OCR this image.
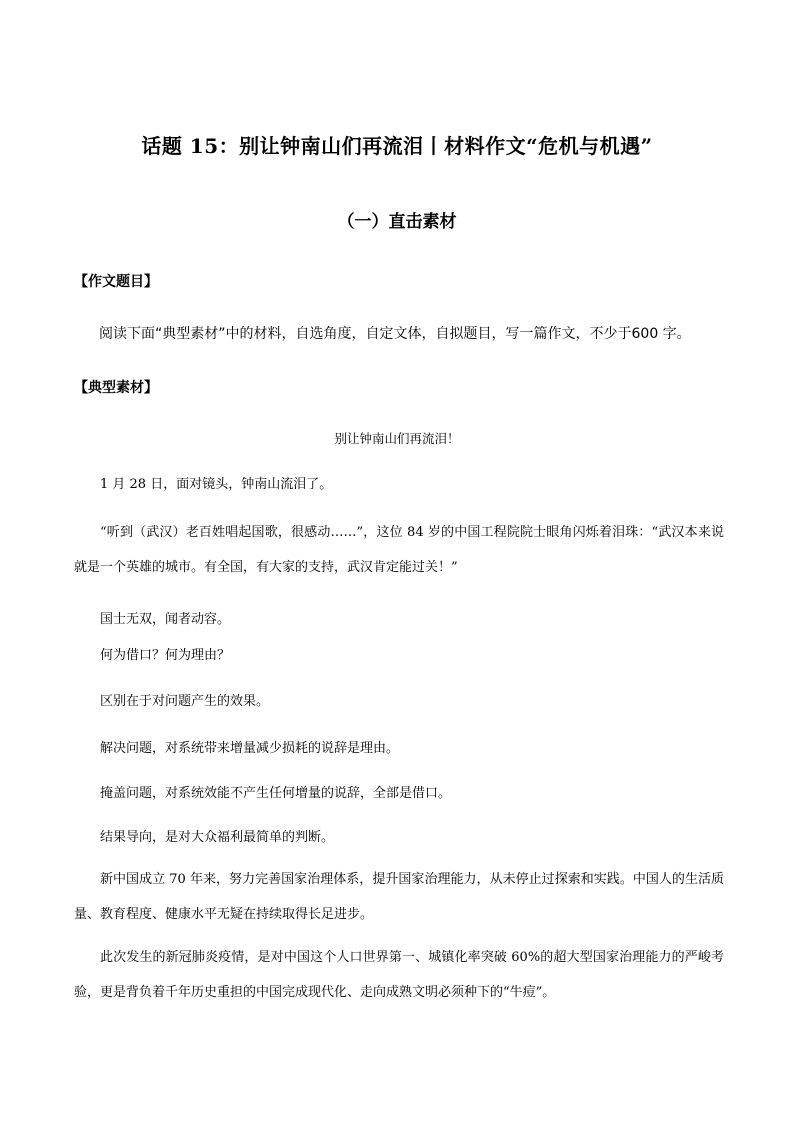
话题 15：别让钟南山们再流泪丨材料作文“危机与机遇”
（一）直击素材
【作文题目】
阅读下面“典型素材”中的材料，自选角度，自定文体，自拟题目，写一篇作文，不少于600 字。
【典型素材】
别让钟南山们再流泪！

1 月 28 日，面对镜头，钟南山流泪了。

“听到（武汉）老百姓唱起国歌，很感动……”，这位 84 岁的中国工程院院士眼角闪烁着泪珠：“武汉本来说就是一个英雄的城市。有全国，有大家的支持，武汉肯定能过关！”

国士无双，闻者动容。

何为借口？何为理由？

区别在于对问题产生的效果。

解决问题，对系统带来增量减少损耗的说辞是理由。

掩盖问题，对系统效能不产生任何增量的说辞，全部是借口。

结果导向，是对大众福利最简单的判断。

新中国成立 70 年来，努力完善国家治理体系，提升国家治理能力，从未停止过探索和实践。中国人的生活质量、教育程度、健康水平无疑在持续取得长足进步。

此次发生的新冠肺炎疫情，是对中国这个人口世界第一、城镇化率突破 60%的超大型国家治理能力的严峻考验，更是背负着千年历史重担的中国完成现代化、走向成熟文明必须种下的“牛痘”。
